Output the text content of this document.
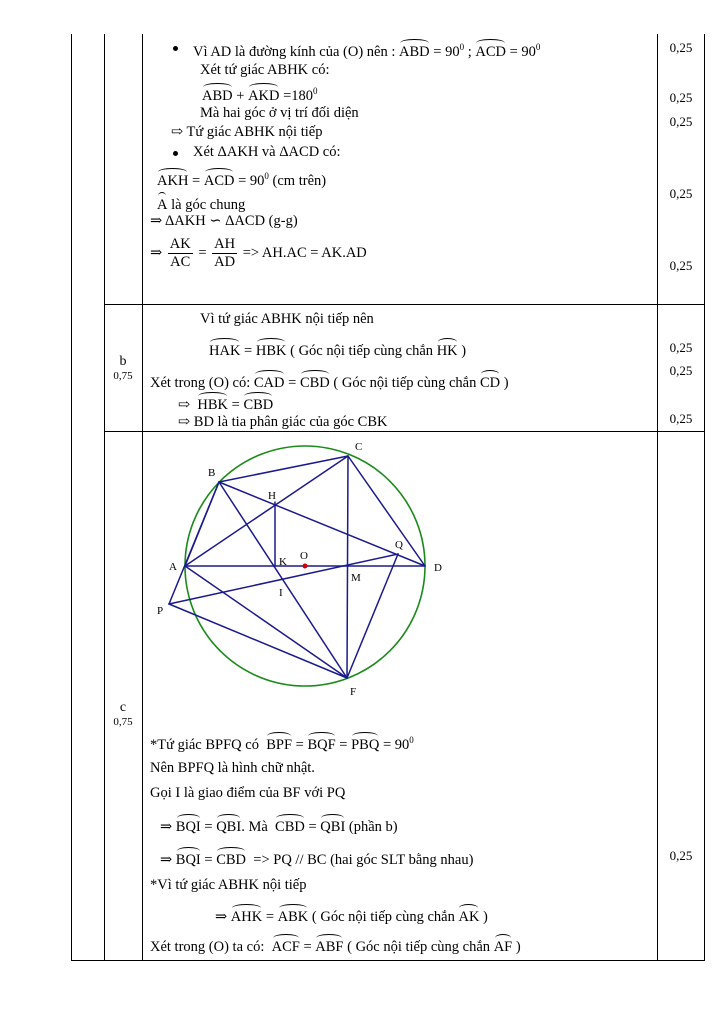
Vì AD là đường kính của (O) nên : ABD = $90^0$ ; ACD = $90^0$
Xét tứ giác ABHK có:
ABD + AKD $=180^0$
Mà hai góc ở vị trí đối diện
⇨ Tứ giác ABHK nội tiếp
Xét ΔAKH và ΔACD có:
AKH = ACD = $90^0$ (cm trên)
A là góc chung
⇒ ΔAKH ∽ ΔACD (g-g)
⇒ $\frac{AK}{AC} = \frac{AH}{AD} => AH.AC = AK.AD$
0,25
0,25
0,25
0,25
0,25
b
0,75
Vì tứ giác ABHK nội tiếp nên
HAK = HBK ( Góc nội tiếp cùng chắn HK )
Xét trong (O) có: CAD = CBD ( Góc nội tiếp cùng chắn CD )
⇨ HBK = CBD
⇨ BD là tia phân giác của góc CBK
0,25
0,25
0,25
c
0,75
A
B
C
D
H
K O
M
I
P
Q
F
*Tứ giác BPFQ có BPF = BQF = PBQ = $90^0$
Nên BPFQ là hình chữ nhật.
Gọi I là giao điểm của BF với PQ
⇒ BQI = QBI. Mà CBD = QBI (phần b)
⇒ BQI = CBD => PQ // BC (hai góc SLT bằng nhau)
*Vì tứ giác ABHK nội tiếp
⇒ AHK = ABK ( Góc nội tiếp cùng chắn AK )
Xét trong (O) ta có: ACF = ABF ( Góc nội tiếp cùng chắn AF )
0,25
